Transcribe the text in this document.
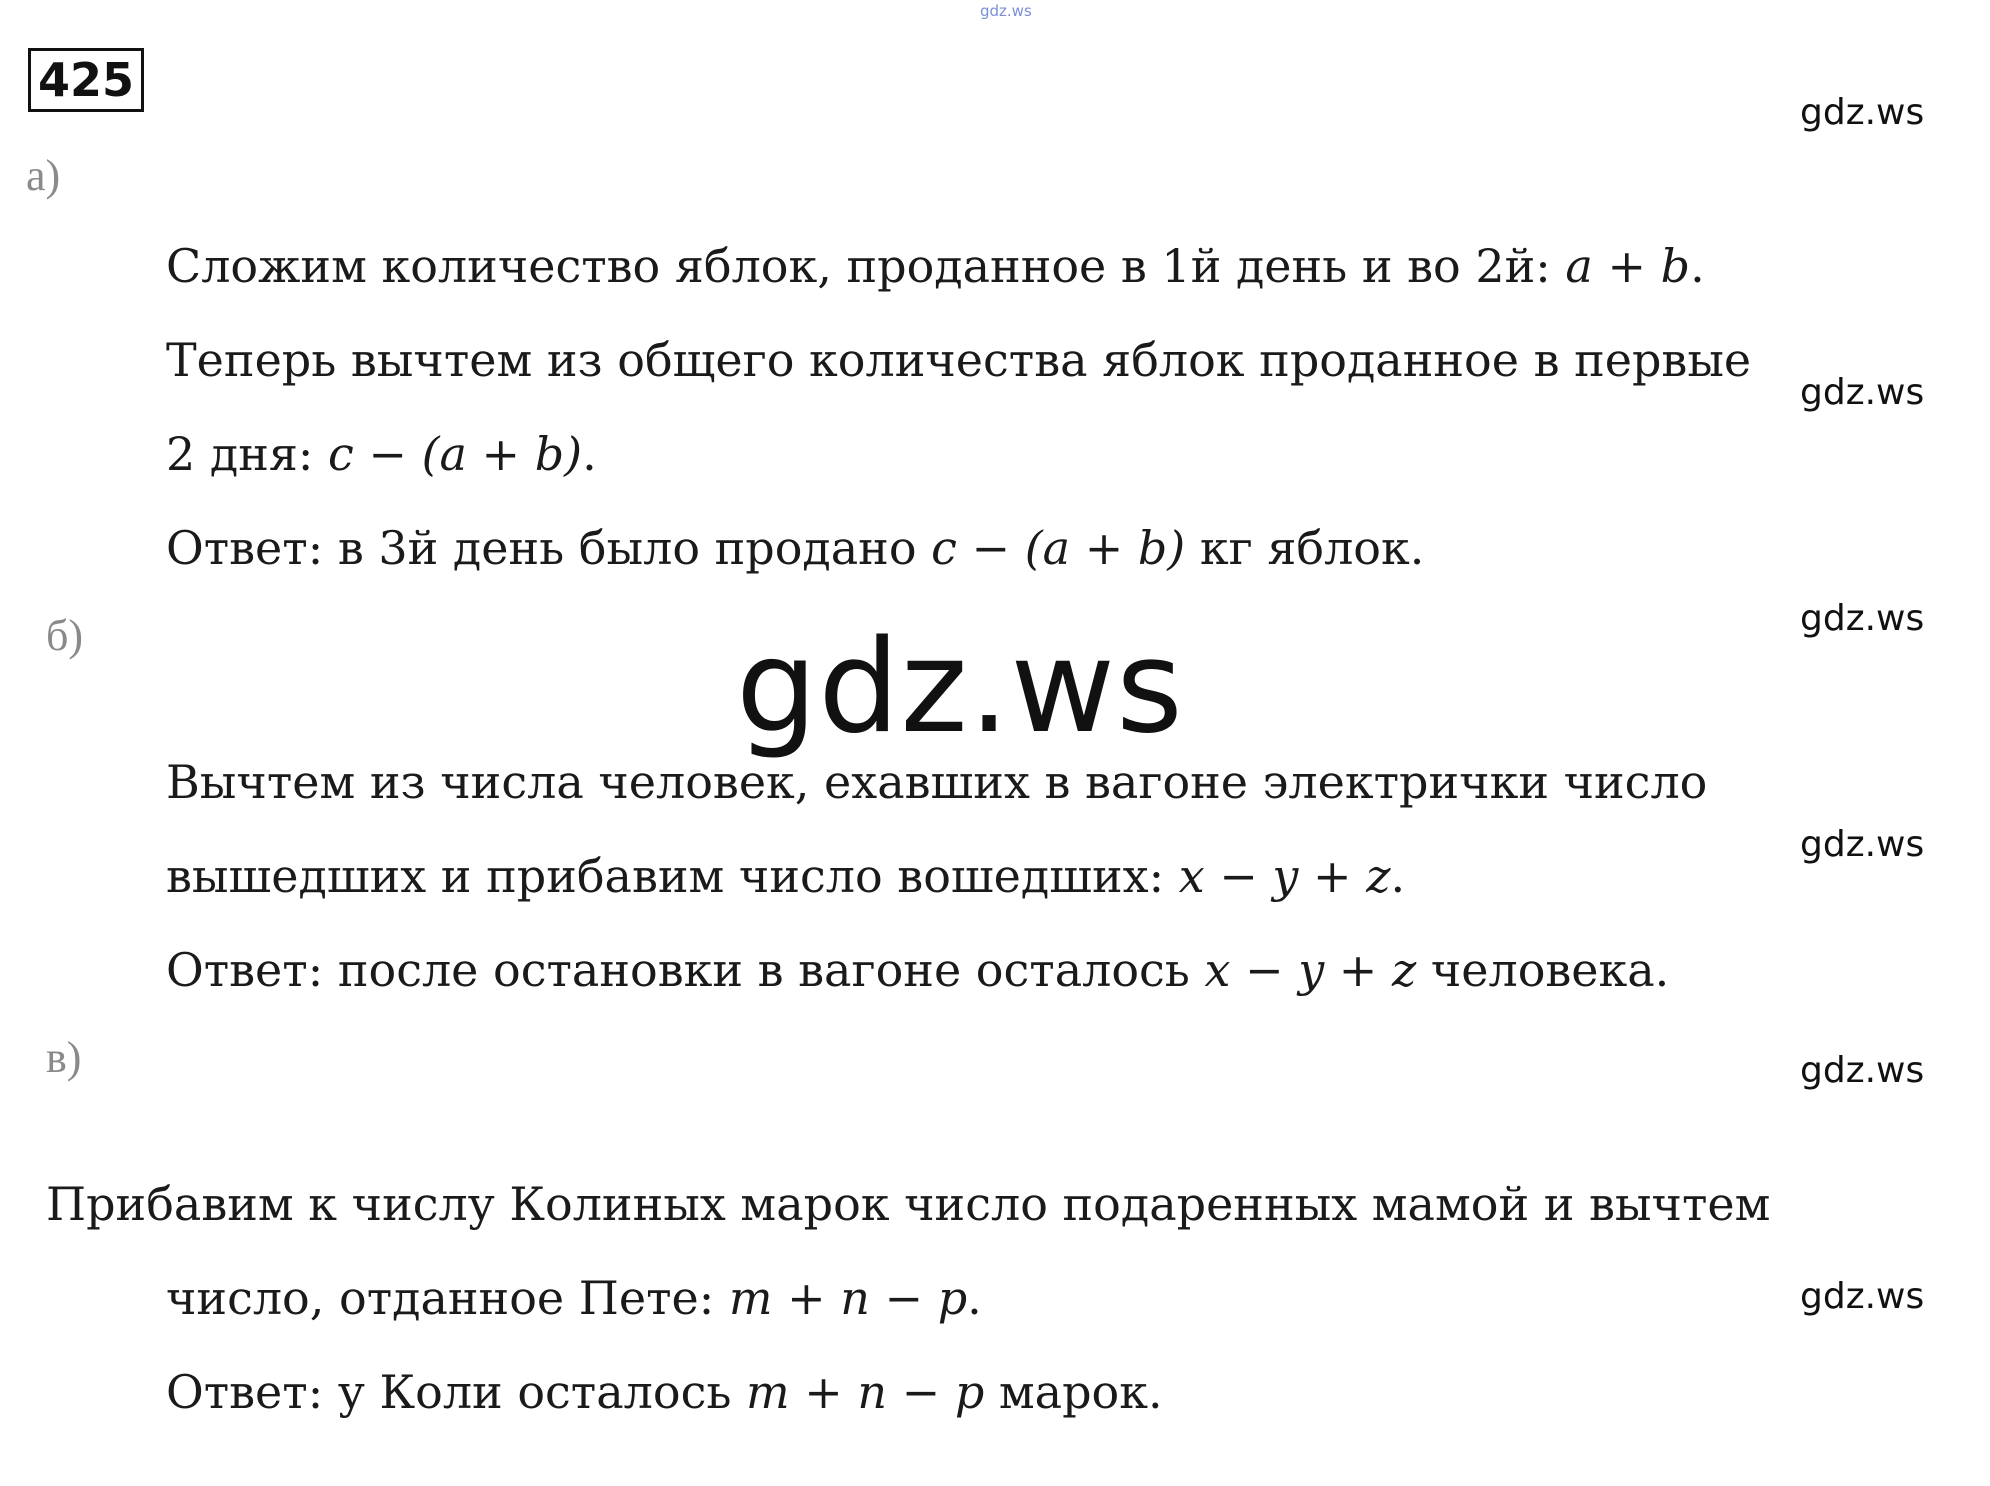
gdz.ws
425
gdz.ws
gdz.ws
gdz.ws
gdz.ws
gdz.ws
gdz.ws
а)
Сложим количество яблок, проданное в 1й день и во 2й: a + b.
Теперь вычтем из общего количества яблок проданное в первые
2 дня: c − (a + b).
Ответ: в 3й день было продано c − (a + b) кг яблок.
б)
Вычтем из числа человек, ехавших в вагоне электрички число
вышедших и прибавим число вошедших: x − y + z.
Ответ: после остановки в вагоне осталось x − y + z человека.
в)
Прибавим к числу Колиных марок число подаренных мамой и вычтем
число, отданное Пете: m + n − p.
Ответ: у Коли осталось m + n − p марок.
gdz.ws
